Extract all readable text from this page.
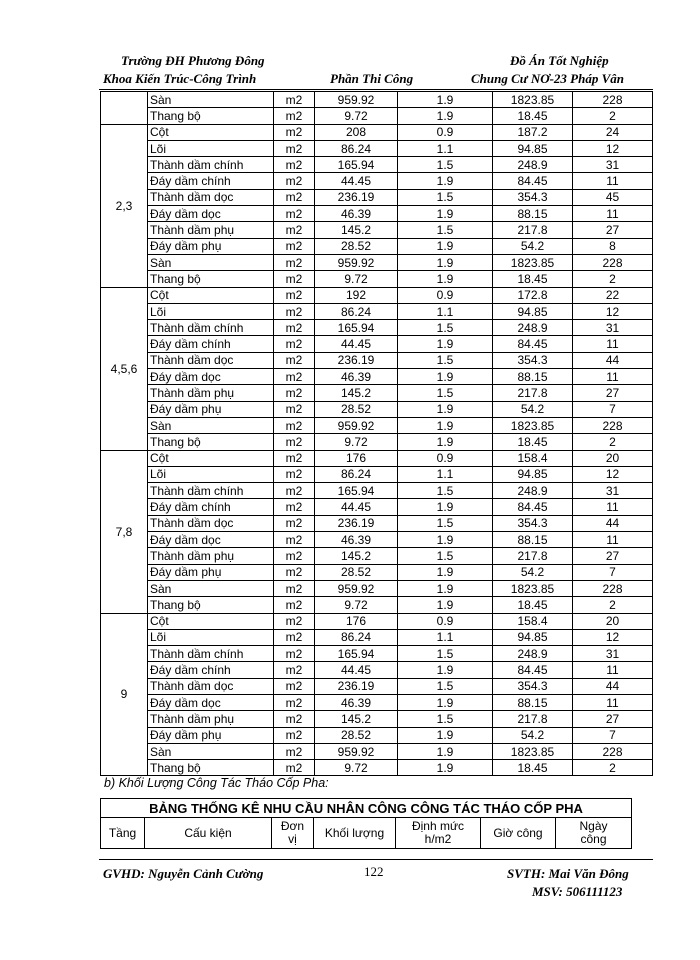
Trường ĐH Phương Đông
Khoa Kiến Trúc-Công Trình	Phần Thi Công
Đồ Án Tốt Nghiệp
Chung Cư NƠ-23 Pháp Vân
	Sàn	m2	959.92	1.9	1823.85	228
	Thang bộ	m2	9.72	1.9	18.45	2
2,3	Cột	m2	208	0.9	187.2	24
	Lõi	m2	86.24	1.1	94.85	12
	Thành dầm chính	m2	165.94	1.5	248.9	31
	Đáy dầm chính	m2	44.45	1.9	84.45	11
	Thành dầm dọc	m2	236.19	1.5	354.3	45
	Đáy dầm dọc	m2	46.39	1.9	88.15	11
	Thành dầm phụ	m2	145.2	1.5	217.8	27
	Đáy dầm phụ	m2	28.52	1.9	54.2	8
	Sàn	m2	959.92	1.9	1823.85	228
	Thang bộ	m2	9.72	1.9	18.45	2
4,5,6	Cột	m2	192	0.9	172.8	22
	Lõi	m2	86.24	1.1	94.85	12
	Thành dầm chính	m2	165.94	1.5	248.9	31
	Đáy dầm chính	m2	44.45	1.9	84.45	11
	Thành dầm dọc	m2	236.19	1.5	354.3	44
	Đáy dầm dọc	m2	46.39	1.9	88.15	11
	Thành dầm phụ	m2	145.2	1.5	217.8	27
	Đáy dầm phụ	m2	28.52	1.9	54.2	7
	Sàn	m2	959.92	1.9	1823.85	228
	Thang bộ	m2	9.72	1.9	18.45	2
7,8	Cột	m2	176	0.9	158.4	20
	Lõi	m2	86.24	1.1	94.85	12
	Thành dầm chính	m2	165.94	1.5	248.9	31
	Đáy dầm chính	m2	44.45	1.9	84.45	11
	Thành dầm dọc	m2	236.19	1.5	354.3	44
	Đáy dầm dọc	m2	46.39	1.9	88.15	11
	Thành dầm phụ	m2	145.2	1.5	217.8	27
	Đáy dầm phụ	m2	28.52	1.9	54.2	7
	Sàn	m2	959.92	1.9	1823.85	228
	Thang bộ	m2	9.72	1.9	18.45	2
9	Cột	m2	176	0.9	158.4	20
	Lõi	m2	86.24	1.1	94.85	12
	Thành dầm chính	m2	165.94	1.5	248.9	31
	Đáy dầm chính	m2	44.45	1.9	84.45	11
	Thành dầm dọc	m2	236.19	1.5	354.3	44
	Đáy dầm dọc	m2	46.39	1.9	88.15	11
	Thành dầm phụ	m2	145.2	1.5	217.8	27
	Đáy dầm phụ	m2	28.52	1.9	54.2	7
	Sàn	m2	959.92	1.9	1823.85	228
	Thang bộ	m2	9.72	1.9	18.45	2
b) Khối Lượng Công Tác Tháo Cốp Pha:
BẢNG THỐNG KÊ NHU CẦU NHÂN CÔNG CÔNG TÁC THÁO CỐP PHA
Tầng	Cấu kiện	Đơn vị	Khối lượng	Định mức h/m2	Giờ công	Ngày công
GVHD: Nguyễn Cảnh Cường	122	SVTH: Mai Văn Đông
MSV: 506111123
